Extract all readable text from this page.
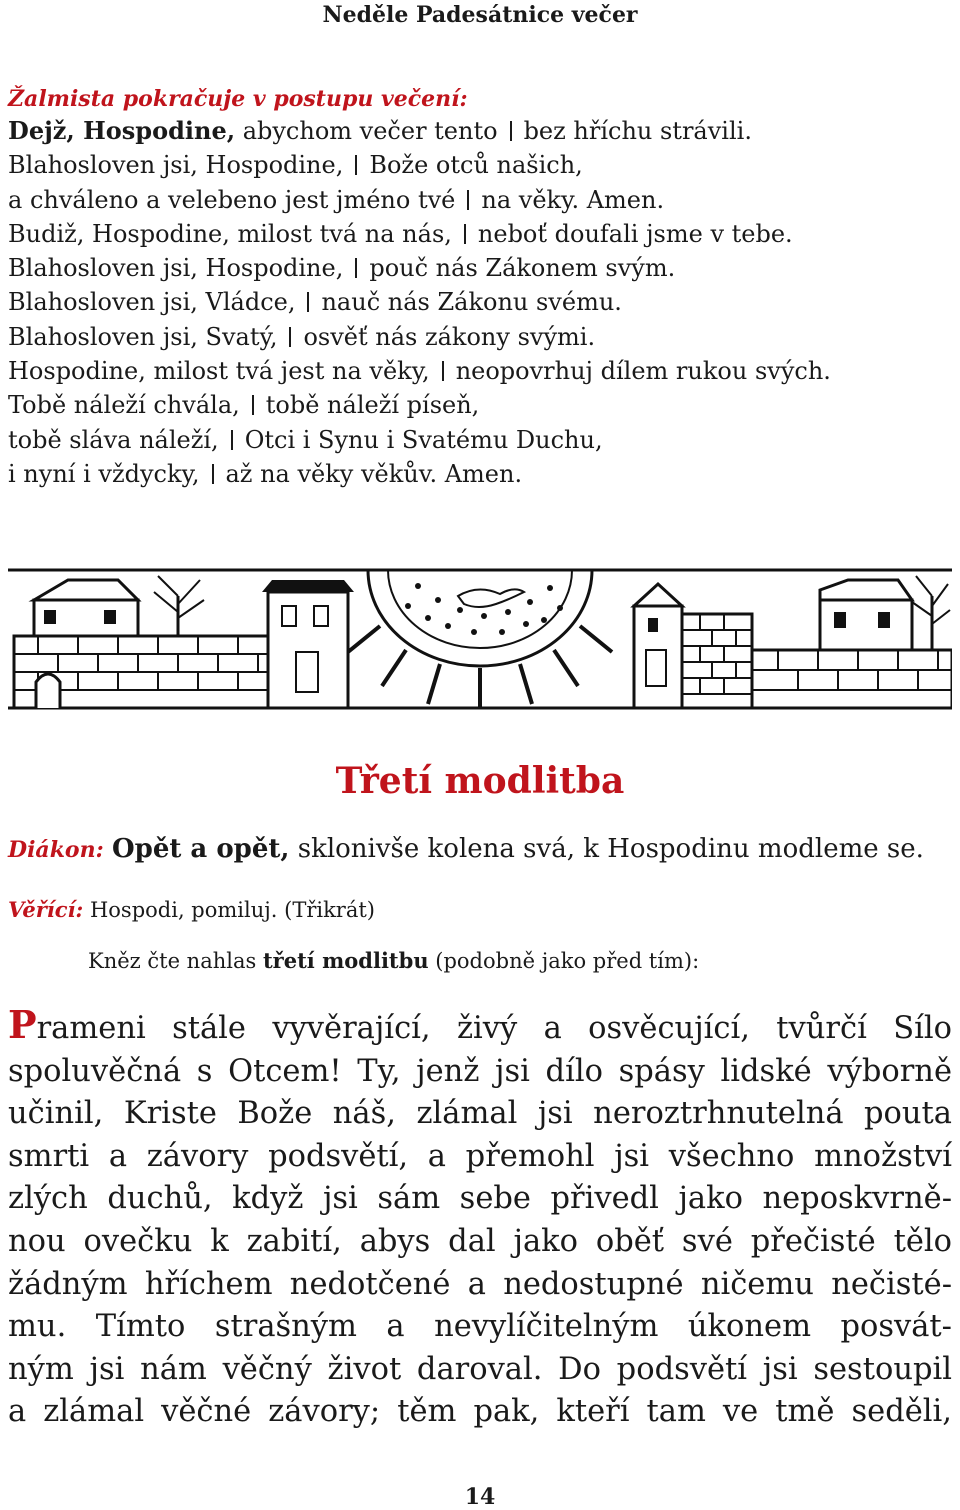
Neděle Padesátnice večer
Žalmista pokračuje v postupu večení:
Dejž, Hospodine, abychom večer tento bez hříchu strávili.
Blahosloven jsi, Hospodine, Bože otců našich,
a chváleno a velebeno jest jméno tvé na věky. Amen.
Budiž, Hospodine, milost tvá na nás, neboť doufali jsme v tebe.
Blahosloven jsi, Hospodine, pouč nás Zákonem svým.
Blahosloven jsi, Vládce, nauč nás Zákonu svému.
Blahosloven jsi, Svatý, osvěť nás zákony svými.
Hospodine, milost tvá jest na věky, neopovrhuj dílem rukou svých.
Tobě náleží chvála, tobě náleží píseň,
tobě sláva náleží, Otci i Synu i Svatému Duchu,
i nyní i vždycky, až na věky věkův. Amen.
Třetí modlitba
Diákon: Opět a opět, sklonivše kolena svá, k Hospodinu modleme se.
Věřící: Hospodi, pomiluj. (Třikrát)
Kněz čte nahlas třetí modlitbu (podobně jako před tím):
Prameni stále vyvěrající, živý a osvěcující, tvůrčí Sílo
spoluvěčná s Otcem! Ty, jenž jsi dílo spásy lidské výborně
učinil, Kriste Bože náš, zlámal jsi neroztrhnutelná pouta
smrti a závory podsvětí, a přemohl jsi všechno množství
zlých duchů, když jsi sám sebe přivedl jako neposkvrně-
nou ovečku k zabití, abys dal jako oběť své přečisté tělo
žádným hříchem nedotčené a nedostupné ničemu nečisté-
mu. Tímto strašným a nevylíčitelným úkonem posvát-
ným jsi nám věčný život daroval. Do podsvětí jsi sestoupil
a zlámal věčné závory; těm pak, kteří tam ve tmě seděli,
14
